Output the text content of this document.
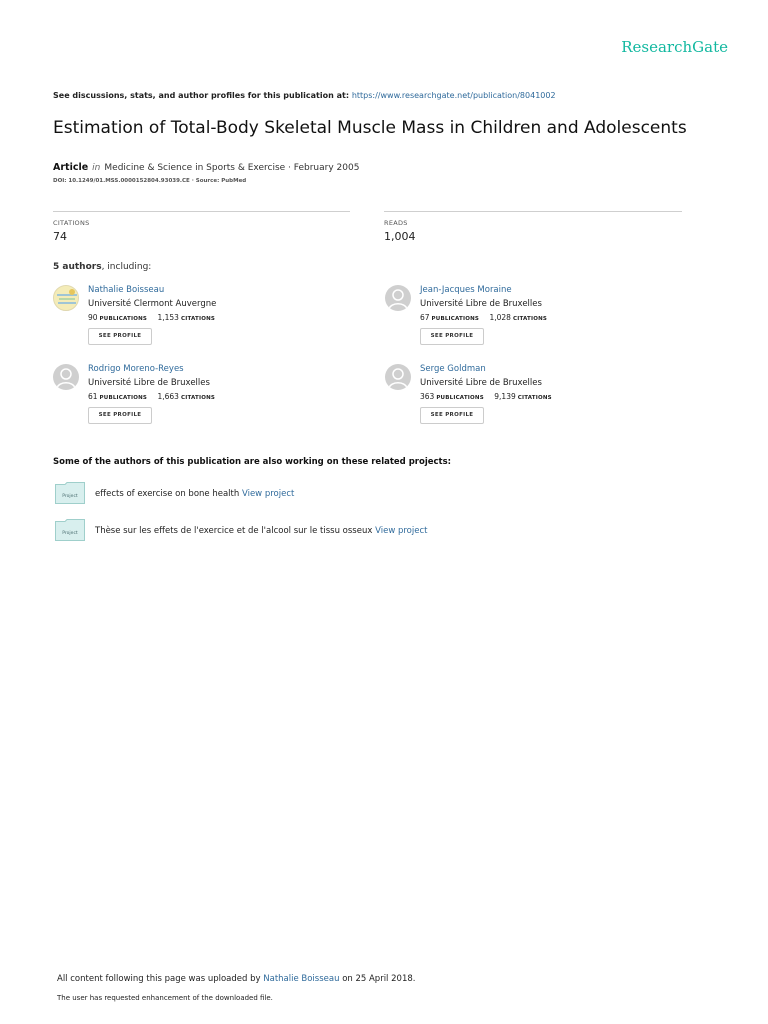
ResearchGate
See discussions, stats, and author profiles for this publication at: https://www.researchgate.net/publication/8041002
Estimation of Total-Body Skeletal Muscle Mass in Children and Adolescents
Article in Medicine & Science in Sports & Exercise · February 2005
DOI: 10.1249/01.MSS.0000152804.93039.CE · Source: PubMed
CITATIONS
74
READS
1,004
5 authors, including:
Nathalie Boisseau
Université Clermont Auvergne
90 PUBLICATIONS 1,153 CITATIONS
SEE PROFILE
Jean-Jacques Moraine
Université Libre de Bruxelles
67 PUBLICATIONS 1,028 CITATIONS
SEE PROFILE
Rodrigo Moreno-Reyes
Université Libre de Bruxelles
61 PUBLICATIONS 1,663 CITATIONS
SEE PROFILE
Serge Goldman
Université Libre de Bruxelles
363 PUBLICATIONS 9,139 CITATIONS
SEE PROFILE
Some of the authors of this publication are also working on these related projects:
Project effects of exercise on bone health View project
Project Thèse sur les effets de l'exercice et de l'alcool sur le tissu osseux View project
All content following this page was uploaded by Nathalie Boisseau on 25 April 2018.
The user has requested enhancement of the downloaded file.
